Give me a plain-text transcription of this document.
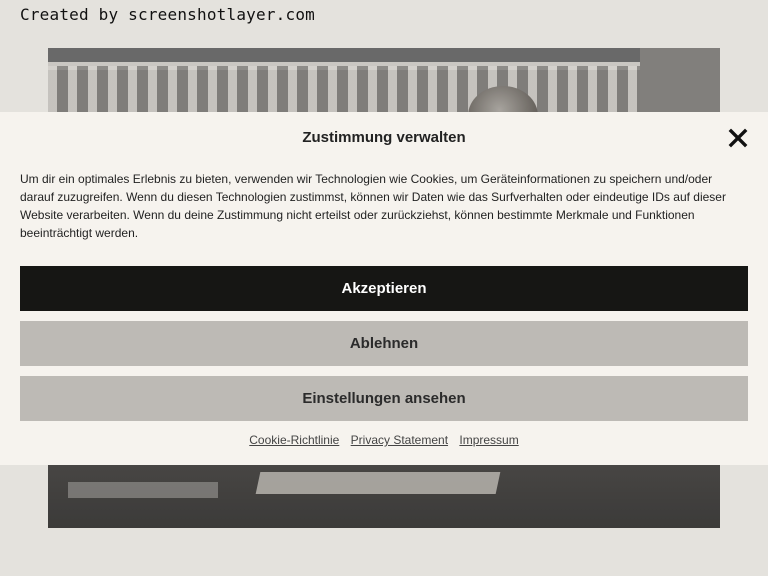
Created by screenshotlayer.com
Zustimmung verwalten
Um dir ein optimales Erlebnis zu bieten, verwenden wir Technologien wie Cookies, um Geräteinformationen zu speichern und/oder darauf zuzugreifen. Wenn du diesen Technologien zustimmst, können wir Daten wie das Surfverhalten oder eindeutige IDs auf dieser Website verarbeiten. Wenn du deine Zustimmung nicht erteilst oder zurückziehst, können bestimmte Merkmale und Funktionen beeinträchtigt werden.
Akzeptieren
Ablehnen
Einstellungen ansehen
Cookie-Richtlinie Privacy Statement Impressum
